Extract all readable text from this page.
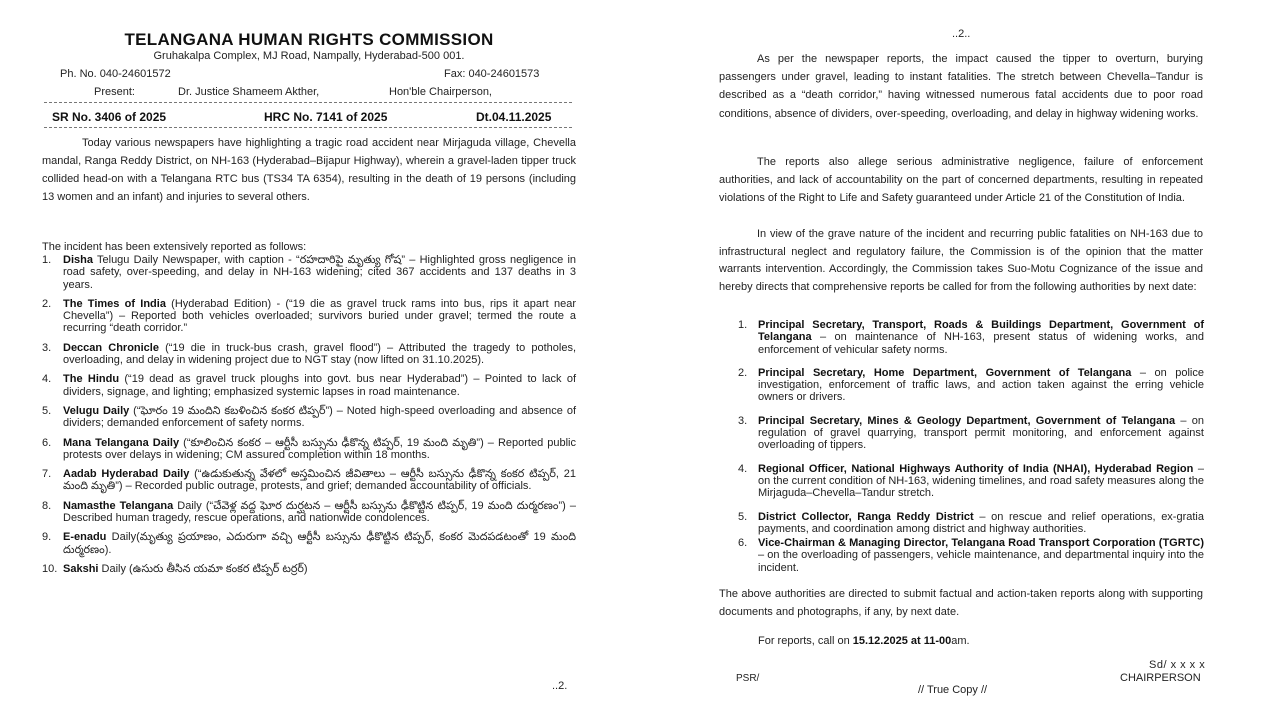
TELANGANA HUMAN RIGHTS COMMISSION
Gruhakalpa Complex, MJ Road, Nampally, Hyderabad-500 001.
Ph. No. 040-24601572	Fax: 040-24601573
Present:	Dr. Justice Shameem Akther,	Hon'ble Chairperson,
SR No. 3406 of 2025	HRC No. 7141 of 2025	Dt.04.11.2025
Today various newspapers have highlighting a tragic road accident near Mirjaguda village, Chevella mandal, Ranga Reddy District, on NH-163 (Hyderabad–Bijapur Highway), wherein a gravel-laden tipper truck collided head-on with a Telangana RTC bus (TS34 TA 6354), resulting in the death of 19 persons (including 13 women and an infant) and injuries to several others.
The incident has been extensively reported as follows:
1.	Disha Telugu Daily Newspaper, with caption - “రహదారిపై మృత్యు గోష” – Highlighted gross negligence in road safety, over-speeding, and delay in NH-163 widening; cited 367 accidents and 137 deaths in 3 years.
2.	The Times of India (Hyderabad Edition) - (“19 die as gravel truck rams into bus, rips it apart near Chevella”) – Reported both vehicles overloaded; survivors buried under gravel; termed the route a recurring “death corridor.”
3.	Deccan Chronicle (“19 die in truck-bus crash, gravel flood”) – Attributed the tragedy to potholes, overloading, and delay in widening project due to NGT stay (now lifted on 31.10.2025).
4.	The Hindu (“19 dead as gravel truck ploughs into govt. bus near Hyderabad”) – Pointed to lack of dividers, signage, and lighting; emphasized systemic lapses in road maintenance.
5.	Velugu Daily (“ఘోరం 19 మందిని కబళించిన కంకర టిప్పర్”) – Noted high-speed overloading and absence of dividers; demanded enforcement of safety norms.
6.	Mana Telangana Daily (“కూలించిన కంకర – ఆర్టీసీ బస్సును ఢీకొన్న టిప్పర్, 19 మంది మృతి”) – Reported public protests over delays in widening; CM assured completion within 18 months.
7.	Aadab Hyderabad Daily (“ఉడుకుతున్న వేళలో అస్తమించిన జీవితాలు – ఆర్టీసీ బస్సును ఢీకొన్న కంకర టిప్పర్, 21 మంది మృతి”) – Recorded public outrage, protests, and grief; demanded accountability of officials.
8.	Namasthe Telangana Daily (“చేవెళ్ల వద్ద ఘోర దుర్ఘటన – ఆర్టీసీ బస్సును ఢీకొట్టిన టిప్పర్, 19 మంది దుర్మరణం”) – Described human tragedy, rescue operations, and nationwide condolences.
9.	E-enadu Daily(మృత్యు ప్రయాణం, ఎదురుగా వచ్చి ఆర్టీసీ బస్సును ఢీకొట్టిన టిప్పర్, కంకర మెదపడటంతో 19 మంది దుర్మరణం).
10. Sakshi Daily (ఉసురు తీసిన యమా కంకర టిప్పర్ టర్రర్)
..2.
..2..
As per the newspaper reports, the impact caused the tipper to overturn, burying passengers under gravel, leading to instant fatalities. The stretch between Chevella–Tandur is described as a “death corridor,” having witnessed numerous fatal accidents due to poor road conditions, absence of dividers, over-speeding, overloading, and delay in highway widening works.
The reports also allege serious administrative negligence, failure of enforcement authorities, and lack of accountability on the part of concerned departments, resulting in repeated violations of the Right to Life and Safety guaranteed under Article 21 of the Constitution of India.
In view of the grave nature of the incident and recurring public fatalities on NH-163 due to infrastructural neglect and regulatory failure, the Commission is of the opinion that the matter warrants intervention. Accordingly, the Commission takes Suo-Motu Cognizance of the issue and hereby directs that comprehensive reports be called for from the following authorities by next date:
1. Principal Secretary, Transport, Roads & Buildings Department, Government of Telangana – on maintenance of NH-163, present status of widening works, and enforcement of vehicular safety norms.
2. Principal Secretary, Home Department, Government of Telangana – on police investigation, enforcement of traffic laws, and action taken against the erring vehicle owners or drivers.
3. Principal Secretary, Mines & Geology Department, Government of Telangana – on regulation of gravel quarrying, transport permit monitoring, and enforcement against overloading of tippers.
4. Regional Officer, National Highways Authority of India (NHAI), Hyderabad Region – on the current condition of NH-163, widening timelines, and road safety measures along the Mirjaguda–Chevella–Tandur stretch.
5. District Collector, Ranga Reddy District – on rescue and relief operations, ex-gratia payments, and coordination among district and highway authorities.
6. Vice-Chairman & Managing Director, Telangana Road Transport Corporation (TGRTC) – on the overloading of passengers, vehicle maintenance, and departmental inquiry into the incident.
The above authorities are directed to submit factual and action-taken reports along with supporting documents and photographs, if any, by next date.
For reports, call on 15.12.2025 at 11-00am.
Sd/ x x x x
PSR/	CHAIRPERSON
// True Copy //
